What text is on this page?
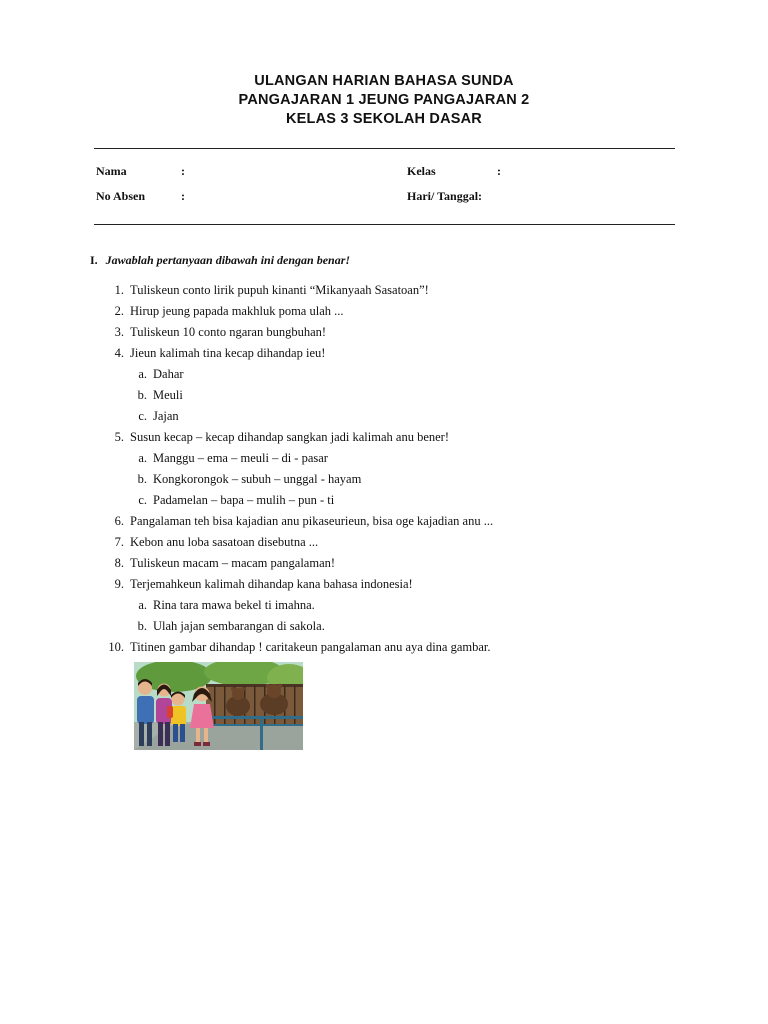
ULANGAN HARIAN BAHASA SUNDA
PANGAJARAN 1 JEUNG PANGAJARAN 2
KELAS 3 SEKOLAH DASAR
Nama	:	Kelas	:
No Absen	:	Hari/ Tanggal:
I. Jawablah pertanyaan dibawah ini dengan benar!
1. Tuliskeun conto lirik pupuh kinanti “Mikanyaah Sasatoan”!
2. Hirup jeung papada makhluk poma ulah ...
3. Tuliskeun 10 conto ngaran bungbuhan!
4. Jieun kalimah tina kecap dihandap ieu!
a. Dahar
b. Meuli
c. Jajan
5. Susun kecap – kecap dihandap sangkan jadi kalimah anu bener!
a. Manggu – ema – meuli – di - pasar
b. Kongkorongok – subuh – unggal - hayam
c. Padamelan – bapa – mulih – pun - ti
6. Pangalaman teh bisa kajadian anu pikaseurieun, bisa oge kajadian anu ...
7. Kebon anu loba sasatoan disebutna ...
8. Tuliskeun macam – macam pangalaman!
9. Terjemahkeun kalimah dihandap kana bahasa indonesia!
a. Rina tara mawa bekel ti imahna.
b. Ulah jajan sembarangan di sakola.
10. Titinen gambar dihandap ! caritakeun pangalaman anu aya dina gambar.
